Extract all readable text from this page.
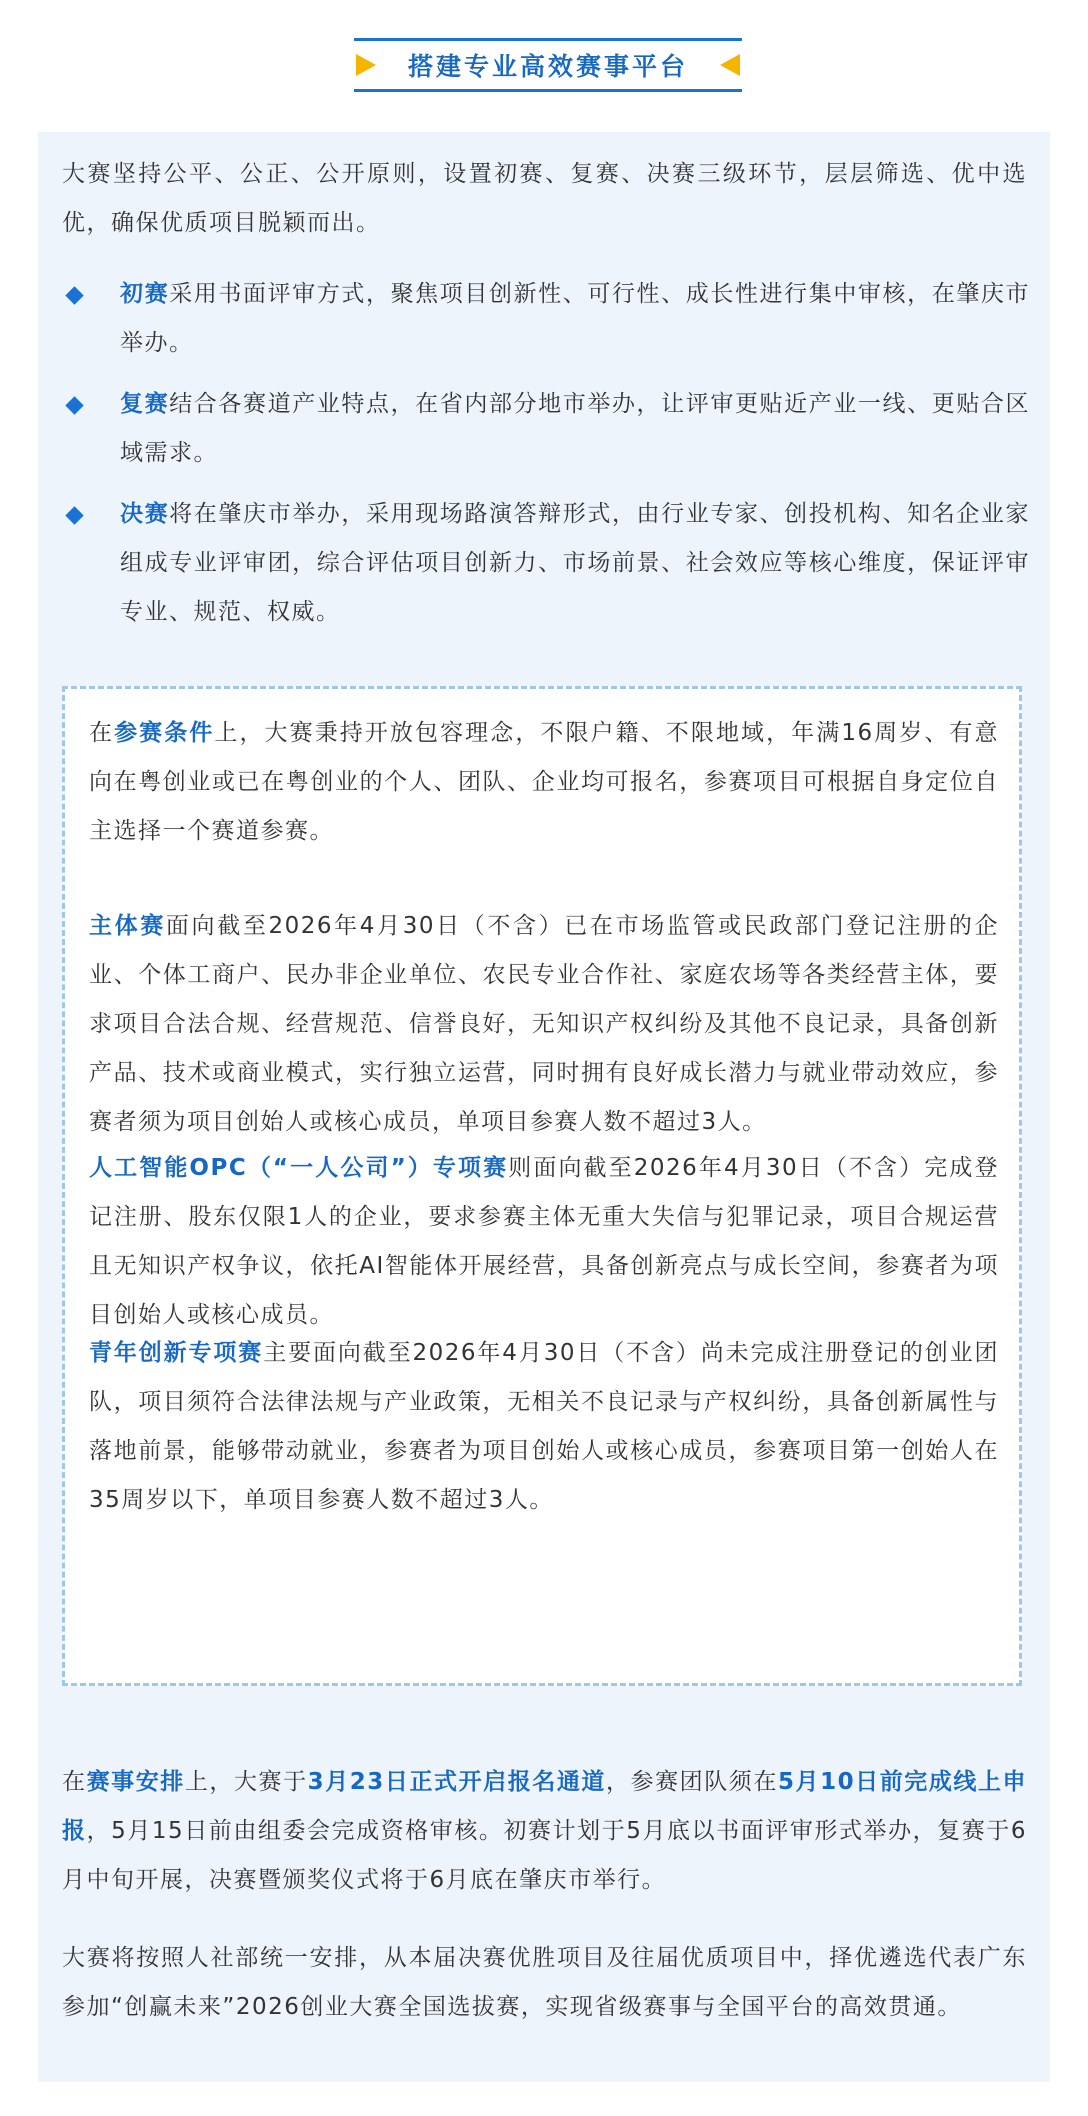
搭建专业高效赛事平台

大赛坚持公平、公正、公开原则，设置初赛、复赛、决赛三级环节，层层筛选、优中选优，确保优质项目脱颖而出。

初赛采用书面评审方式，聚焦项目创新性、可行性、成长性进行集中审核，在肇庆市举办。

复赛结合各赛道产业特点，在省内部分地市举办，让评审更贴近产业一线、更贴合区域需求。

决赛将在肇庆市举办，采用现场路演答辩形式，由行业专家、创投机构、知名企业家组成专业评审团，综合评估项目创新力、市场前景、社会效应等核心维度，保证评审专业、规范、权威。

在参赛条件上，大赛秉持开放包容理念，不限户籍、不限地域，年满16周岁、有意向在粤创业或已在粤创业的个人、团队、企业均可报名，参赛项目可根据自身定位自主选择一个赛道参赛。

主体赛面向截至2026年4月30日（不含）已在市场监管或民政部门登记注册的企业、个体工商户、民办非企业单位、农民专业合作社、家庭农场等各类经营主体，要求项目合法合规、经营规范、信誉良好，无知识产权纠纷及其他不良记录，具备创新产品、技术或商业模式，实行独立运营，同时拥有良好成长潜力与就业带动效应，参赛者须为项目创始人或核心成员，单项目参赛人数不超过3人。

人工智能OPC（“一人公司”）专项赛则面向截至2026年4月30日（不含）完成登记注册、股东仅限1人的企业，要求参赛主体无重大失信与犯罪记录，项目合规运营且无知识产权争议，依托AI智能体开展经营，具备创新亮点与成长空间，参赛者为项目创始人或核心成员。

青年创新专项赛主要面向截至2026年4月30日（不含）尚未完成注册登记的创业团队，项目须符合法律法规与产业政策，无相关不良记录与产权纠纷，具备创新属性与落地前景，能够带动就业，参赛者为项目创始人或核心成员，参赛项目第一创始人在35周岁以下，单项目参赛人数不超过3人。

在赛事安排上，大赛于3月23日正式开启报名通道，参赛团队须在5月10日前完成线上申报，5月15日前由组委会完成资格审核。初赛计划于5月底以书面评审形式举办，复赛于6月中旬开展，决赛暨颁奖仪式将于6月底在肇庆市举行。

大赛将按照人社部统一安排，从本届决赛优胜项目及往届优质项目中，择优遴选代表广东参加“创赢未来”2026创业大赛全国选拔赛，实现省级赛事与全国平台的高效贯通。
